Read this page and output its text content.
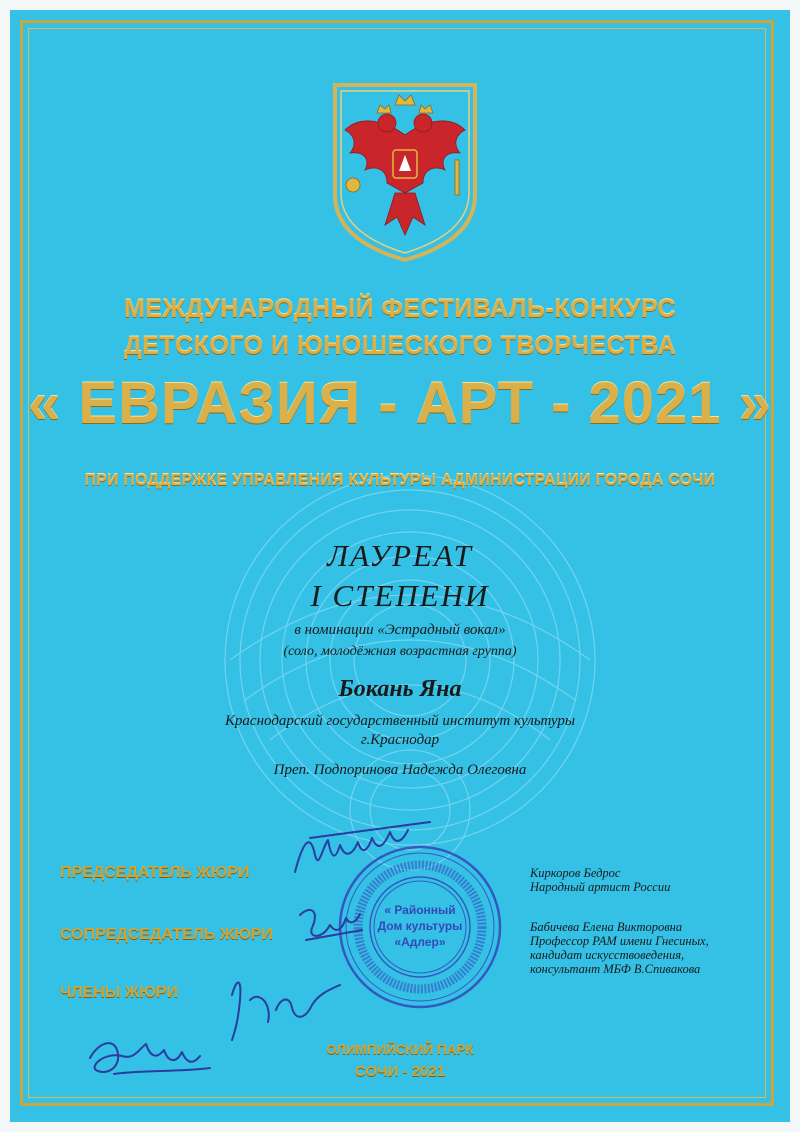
МЕЖДУНАРОДНЫЙ ФЕСТИВАЛЬ-КОНКУРС
ДЕТСКОГО И ЮНОШЕСКОГО ТВОРЧЕСТВА
« ЕВРАЗИЯ - АРТ - 2021 »
ПРИ ПОДДЕРЖКЕ УПРАВЛЕНИЯ КУЛЬТУРЫ АДМИНИСТРАЦИИ ГОРОДА СОЧИ
ЛАУРЕАТ
I СТЕПЕНИ
в номинации «Эстрадный вокал»
(соло, молодёжная возрастная группа)
Бокань Яна
Краснодарский государственный институт культуры
г.Краснодар
Преп. Подпоринова Надежда Олеговна
ПРЕДСЕДАТЕЛЬ ЖЮРИ
СОПРЕДСЕДАТЕЛЬ ЖЮРИ
ЧЛЕНЫ ЖЮРИ
Киркоров Бедрос
Народный артист России
Бабичева Елена Викторовна
Профессор РАМ имени Гнесиных,
кандидат искусствоведения,
консультант МБФ В.Спивакова
« Районный
Дом культуры
«Адлер»
ОЛИМПИЙСКИЙ ПАРК
СОЧИ - 2021
